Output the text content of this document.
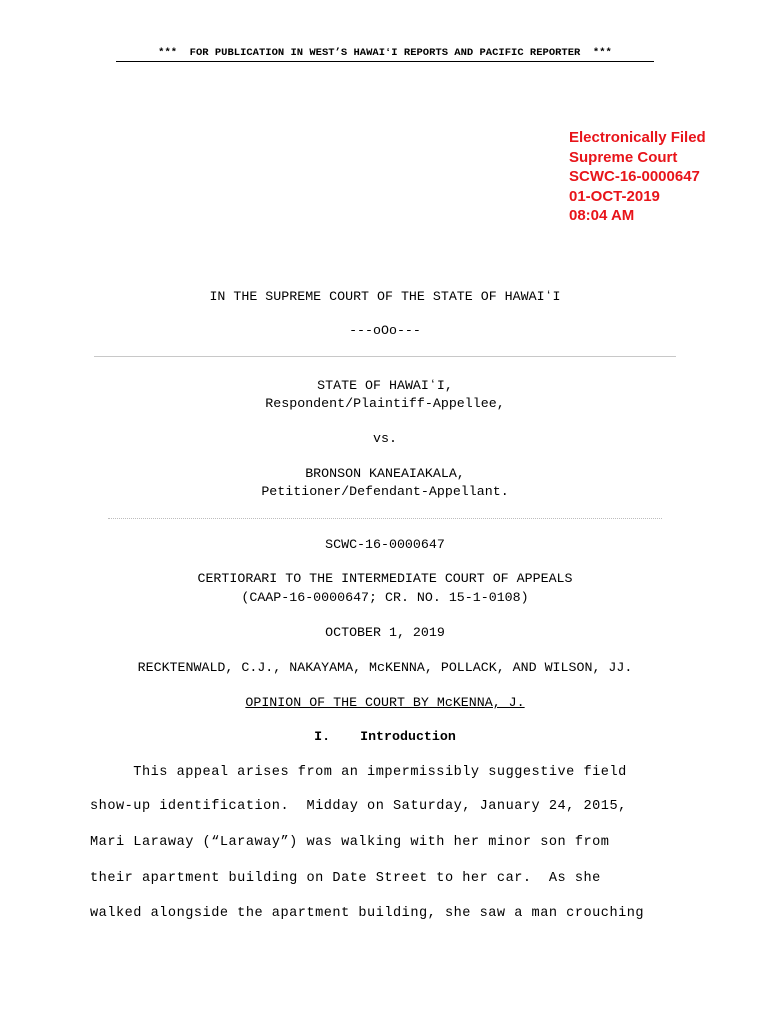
***  FOR PUBLICATION IN WEST’S HAWAIʻI REPORTS AND PACIFIC REPORTER  ***
Electronically Filed
Supreme Court
SCWC-16-0000647
01-OCT-2019
08:04 AM
IN THE SUPREME COURT OF THE STATE OF HAWAIʻI
---oOo---
STATE OF HAWAIʻI,
Respondent/Plaintiff-Appellee,
vs.
BRONSON KANEAIAKALA,
Petitioner/Defendant-Appellant.
SCWC-16-0000647
CERTIORARI TO THE INTERMEDIATE COURT OF APPEALS
(CAAP-16-0000647; CR. NO. 15-1-0108)
OCTOBER 1, 2019
RECKTENWALD, C.J., NAKAYAMA, McKENNA, POLLACK, AND WILSON, JJ.
OPINION OF THE COURT BY McKENNA, J.
I. Introduction
This appeal arises from an impermissibly suggestive field
show-up identification.  Midday on Saturday, January 24, 2015,
Mari Laraway (“Laraway”) was walking with her minor son from
their apartment building on Date Street to her car.  As she
walked alongside the apartment building, she saw a man crouching
